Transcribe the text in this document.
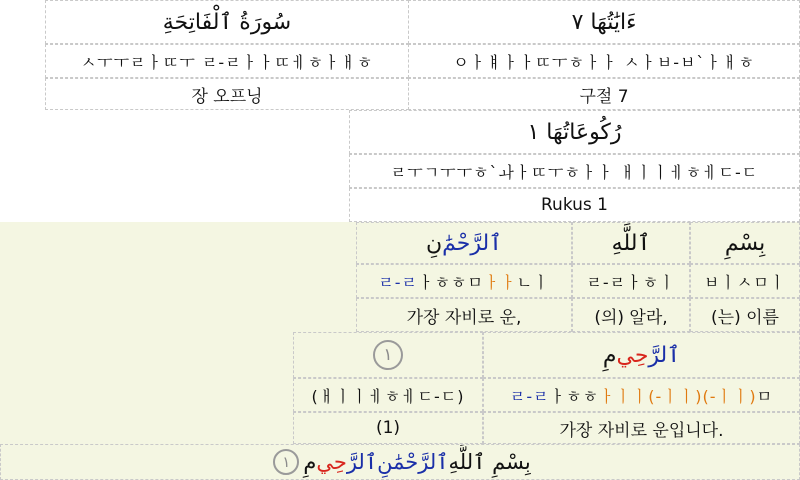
ءَايَٰتُهَا ٧
سُورَةُ ٱلْفَاتِحَةِ
ㅇㅏㅒㅏㅏㄸㅜㅎㅏㅏ ㅅㅏㅂ-ㅂ`ㅏㅐㅎ
ㅅㅜㅜㄹㅏㄸㅜ ㄹ-ㄹㅏㅏㄸㅔㅎㅏㅐㅎ
구절 7
장 오프닝
رُكُوعَاتُهَا ١
ㄹㅜㄱㅜㅜㅎ`ㅘㅏㄸㅜㅎㅏㅏ ㅐㅣㅣㅔㅎㅔㄷ-ㄷ
Rukus 1
بِسْمِ
ٱللَّهِ
ٱلرَّحْمَٰ
نِ
ㅂㅣㅅㅁㅣ
ㄹ-ㄹㅏㅎㅣ
ㄹ-ㄹ ㅏㅎㅎㅁ ㅏㅏ ㄴㅣ
(는) 이름
(의) 알라,
가장 자비로 운,
ٱلرَّ
حِي
مِ
١
ㄹ-ㄹ ㅏㅎㅎ ㅏㅣㅣ(-ㅣㅣ)(-ㅣㅣ) ㅁ
(ㅐㅣㅣㅔㅎㅔㄷ-ㄷ)
가장 자비로 운입니다.
(1)
بِسْمِ ٱللَّهِ
ٱلرَّحْمَٰنِ
ٱلرَّ
حِي
مِ
١
